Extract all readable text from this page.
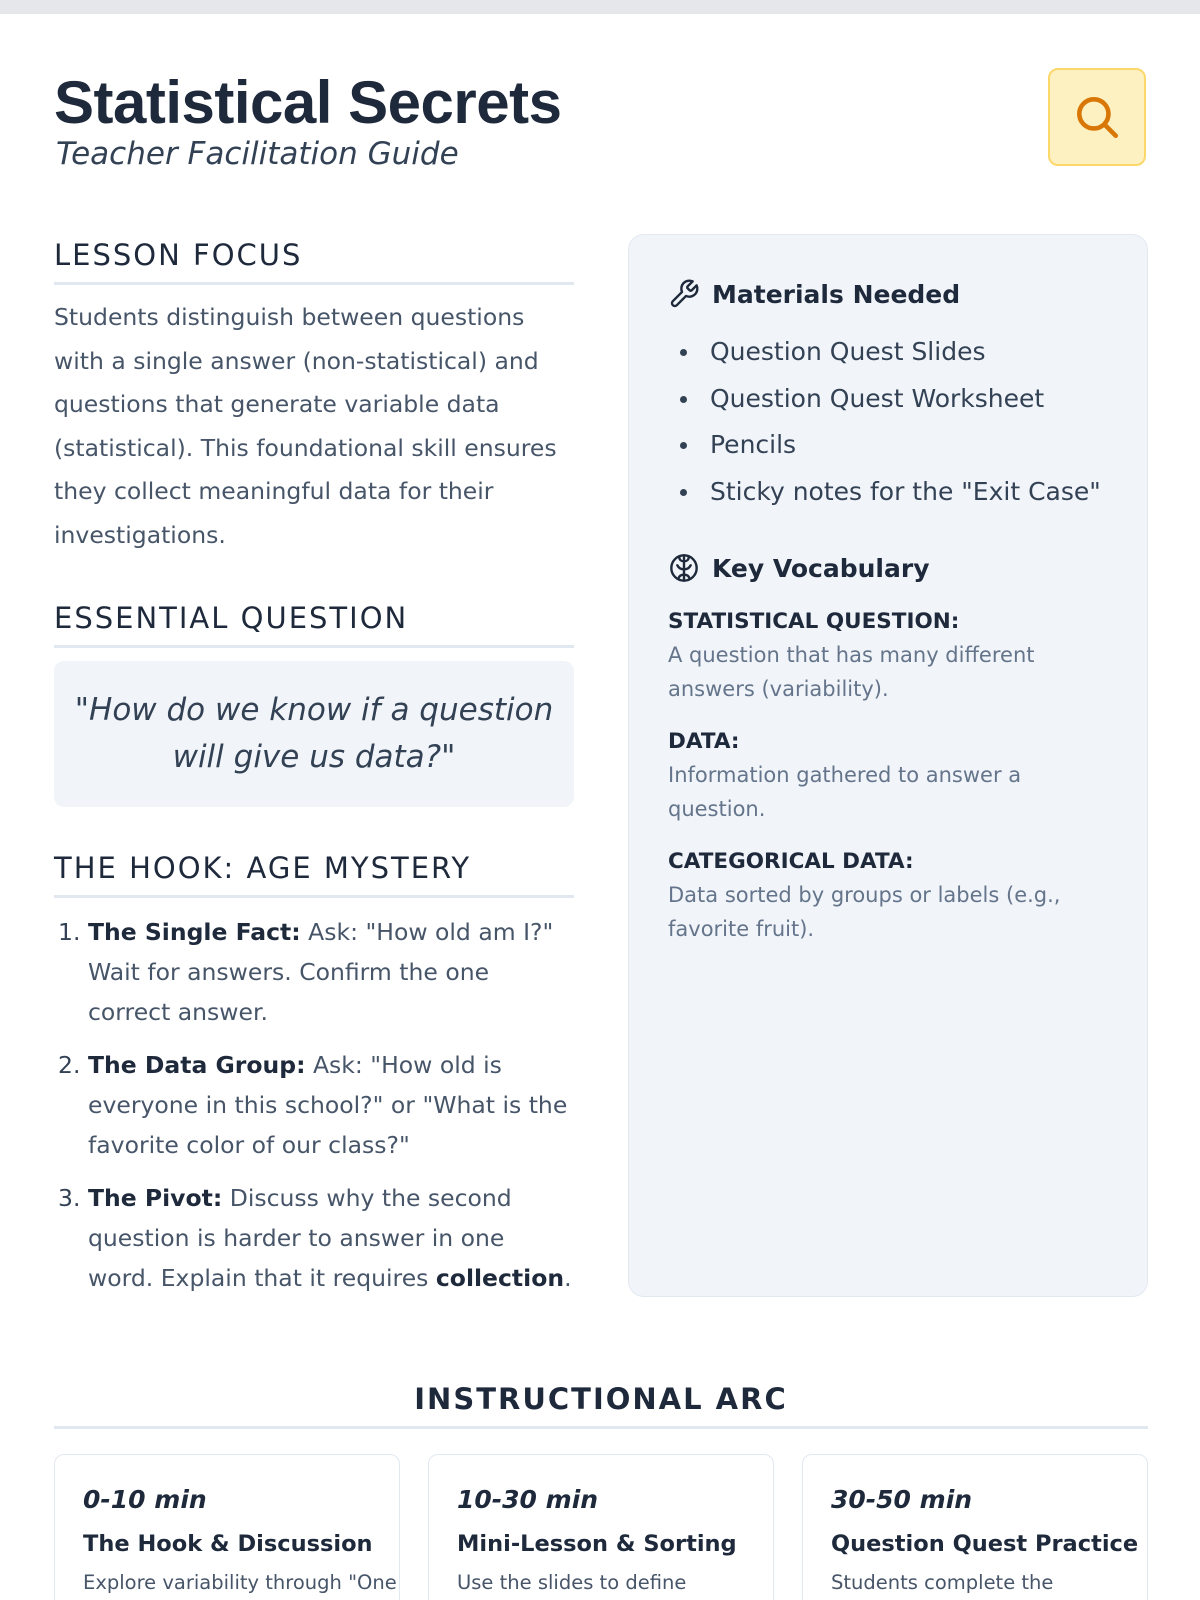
Statistical Secrets
Teacher Facilitation Guide
LESSON FOCUS

Students distinguish between questions with a single answer (non-statistical) and questions that generate variable data (statistical). This foundational skill ensures they collect meaningful data for their investigations.

ESSENTIAL QUESTION
"How do we know if a question will give us data?"
THE HOOK: AGE MYSTERY
1. The Single Fact: Ask: "How old am I?" Wait for answers. Confirm the one correct answer.
2. The Data Group: Ask: "How old is everyone in this school?" or "What is the favorite color of our class?"
3. The Pivot: Discuss why the second question is harder to answer in one word. Explain that it requires collection.
Materials Needed
Question Quest Slides
Question Quest Worksheet
Pencils
Sticky notes for the "Exit Case"
Key Vocabulary
STATISTICAL QUESTION:
A question that has many different answers (variability).
DATA:
Information gathered to answer a question.
CATEGORICAL DATA:
Data sorted by groups or labels (e.g., favorite fruit).
INSTRUCTIONAL ARC
0-10 min
The Hook & Discussion
Explore variability through "One
10-30 min
Mini-Lesson & Sorting
Use the slides to define
30-50 min
Question Quest Practice
Students complete the
